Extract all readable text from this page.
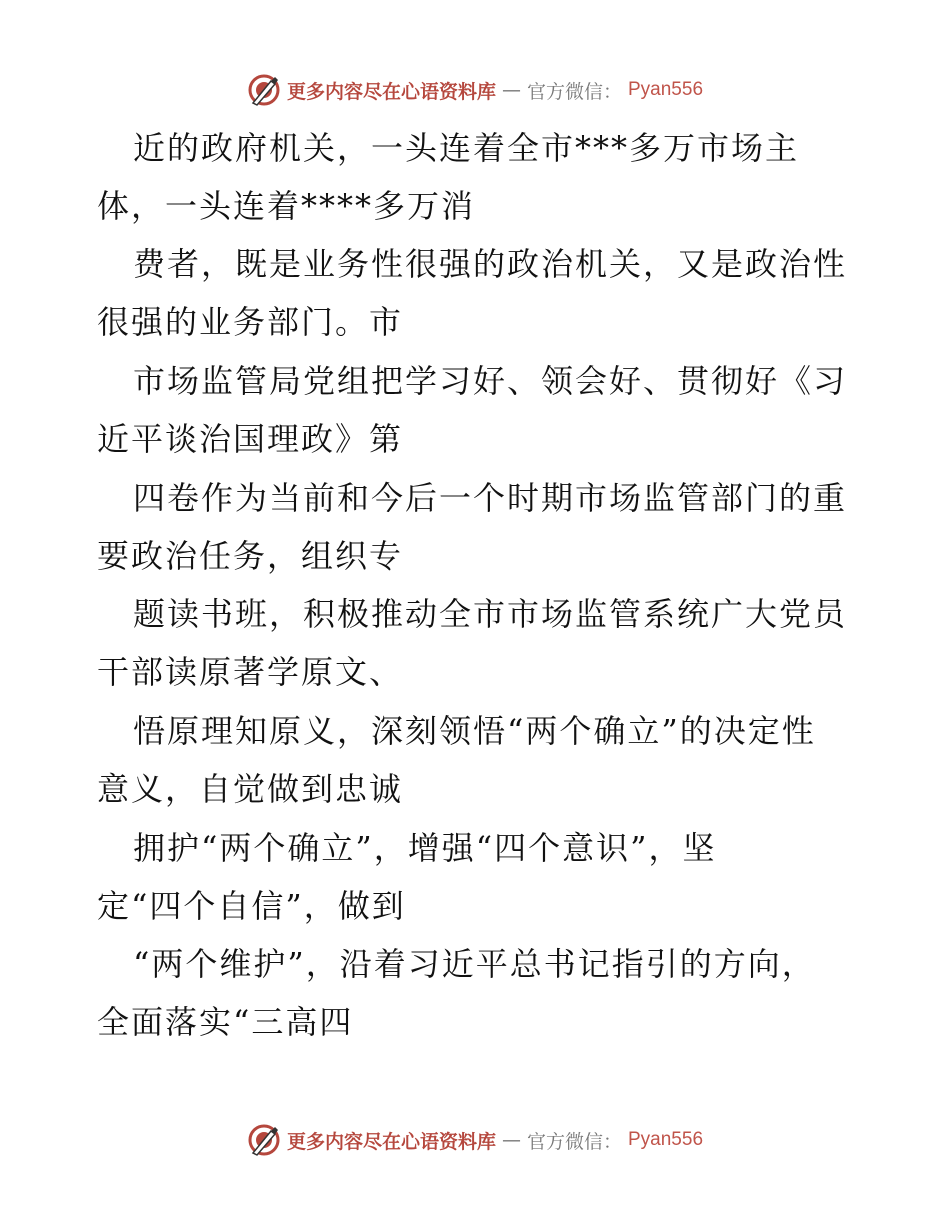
更多内容尽在心语资料库 — 官方微信： Pyan556
近的政府机关，一头连着全市***多万市场主
体，一头连着****多万消
费者，既是业务性很强的政治机关，又是政治性
很强的业务部门。市
市场监管局党组把学习好、领会好、贯彻好《习
近平谈治国理政》第
四卷作为当前和今后一个时期市场监管部门的重
要政治任务，组织专
题读书班，积极推动全市市场监管系统广大党员
干部读原著学原文、
悟原理知原义，深刻领悟“两个确立”的决定性
意义，自觉做到忠诚
拥护“两个确立”，增强“四个意识”，坚
定“四个自信”，做到
“两个维护”，沿着习近平总书记指引的方向，
全面落实“三高四
更多内容尽在心语资料库 — 官方微信： Pyan556
